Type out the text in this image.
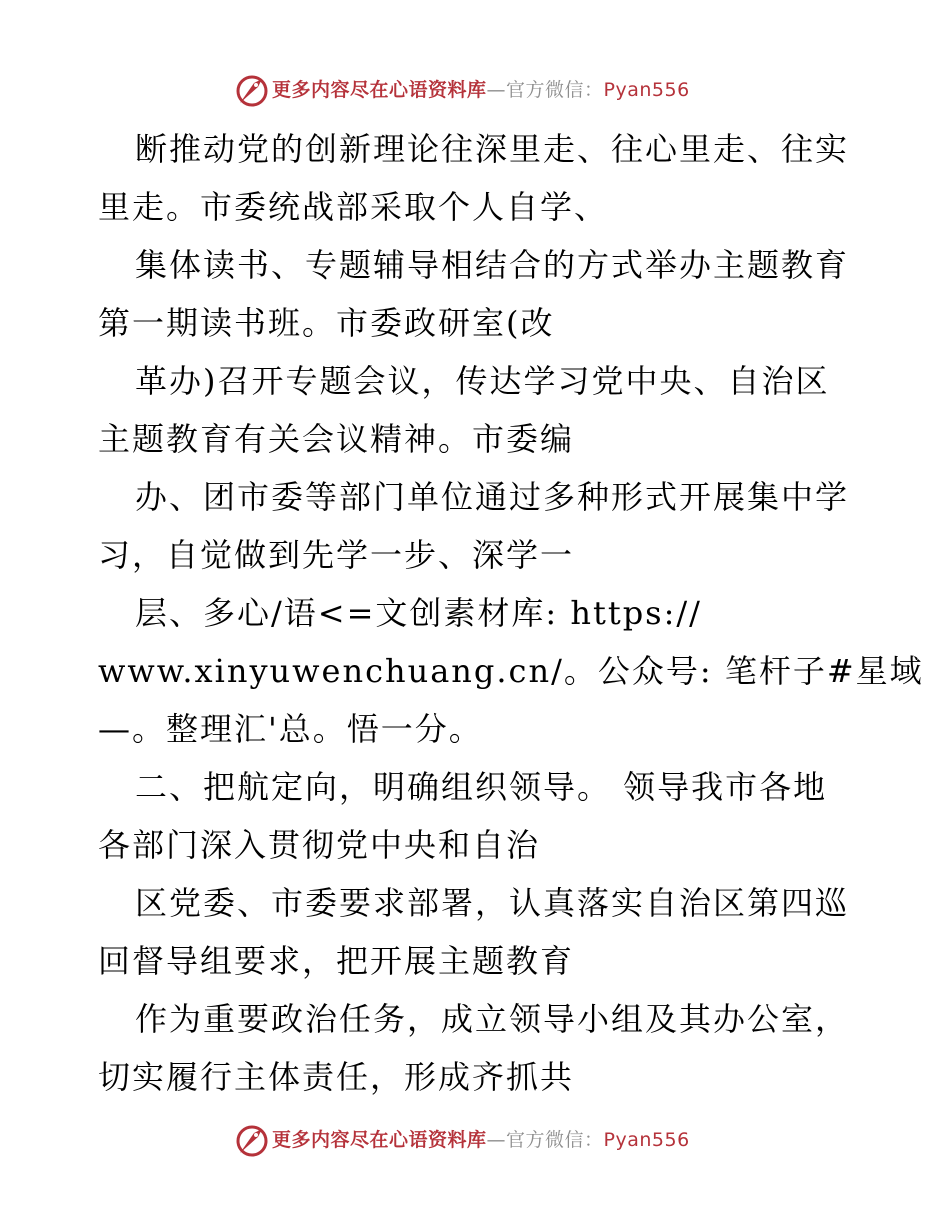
更多内容尽在心语资料库—官方微信：Pyan556
断推动党的创新理论往深里走、往心里走、往实
里走。市委统战部采取个人自学、
集体读书、专题辅导相结合的方式举办主题教育
第一期读书班。市委政研室(改
革办)召开专题会议，传达学习党中央、自治区
主题教育有关会议精神。市委编
办、团市委等部门单位通过多种形式开展集中学
习，自觉做到先学一步、深学一
层、多心/语<=文创素材库: https://
www.xinyuwenchuang.cn/。公众号: 笔杆子#星域
—。整理汇'总。悟一分。
二、把航定向，明确组织领导。 领导我市各地
各部门深入贯彻党中央和自治
区党委、市委要求部署，认真落实自治区第四巡
回督导组要求，把开展主题教育
作为重要政治任务，成立领导小组及其办公室，
切实履行主体责任，形成齐抓共
更多内容尽在心语资料库—官方微信：Pyan556
